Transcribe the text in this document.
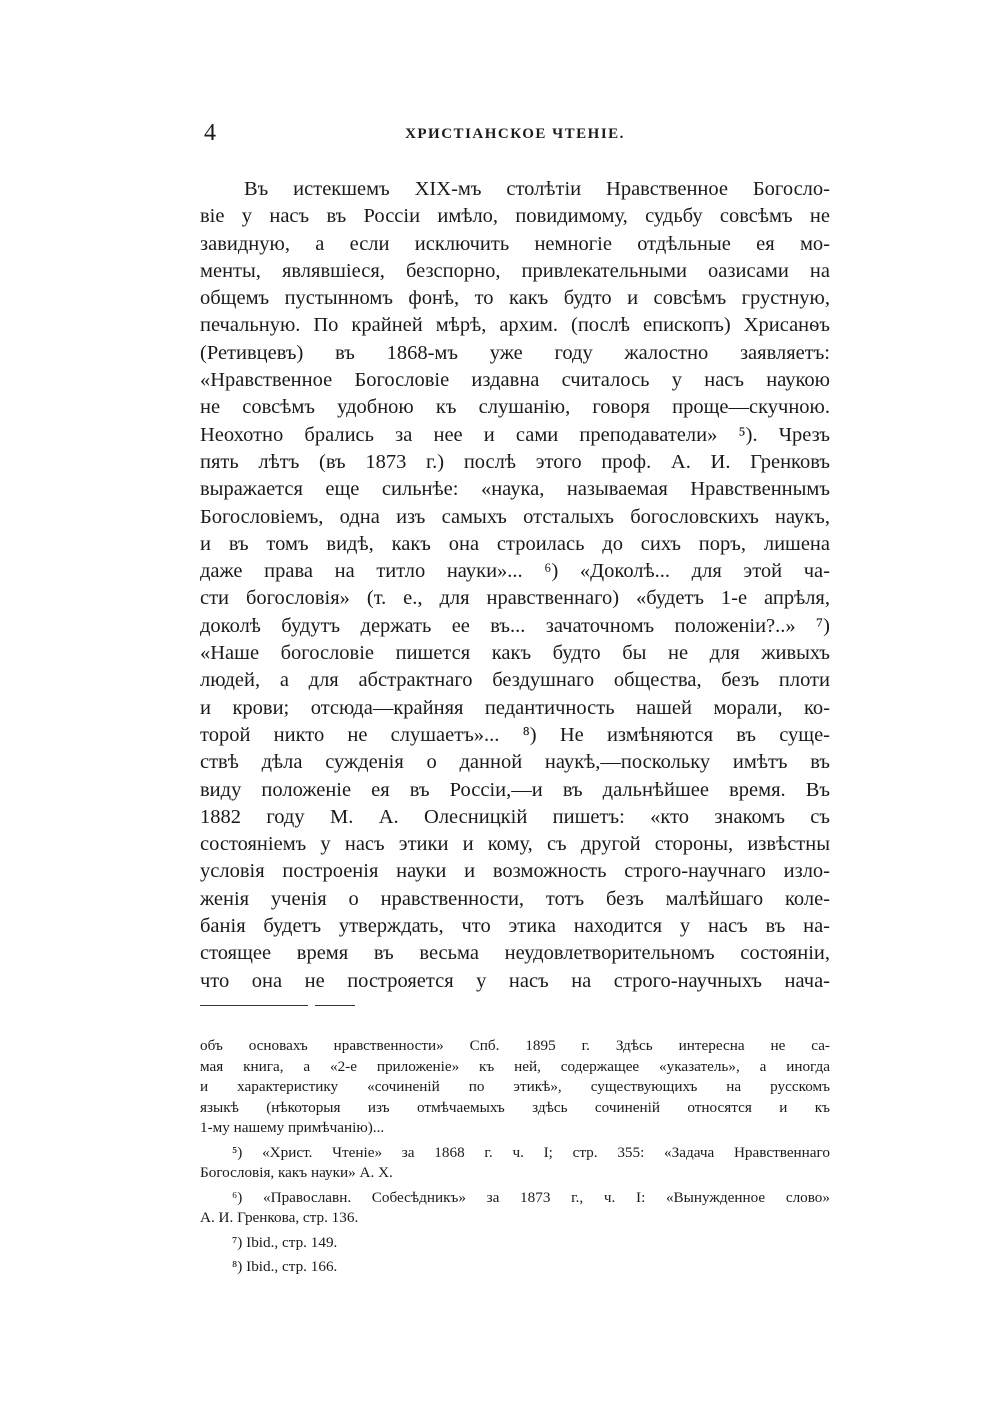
4	ХРИСТІАНСКОЕ ЧТЕНІЕ.
Въ истекшемъ XIX-мъ столѣтіи Нравственное Богосло-
віе у насъ въ Россіи имѣло, повидимому, судьбу совсѣмъ не
завидную, а если исключить немногіе отдѣльные ея мо-
менты, являвшіеся, безспорно, привлекательными оазисами на
общемъ пустынномъ фонѣ, то какъ будто и совсѣмъ грустную,
печальную. По крайней мѣрѣ, архим. (послѣ епископъ) Хрисанѳъ
(Ретивцевъ) въ 1868-мъ уже году жалостно заявляетъ:
«Нравственное Богословіе издавна считалось у насъ наукою
не совсѣмъ удобною къ слушанію, говоря проще—скучною.
Неохотно брались за нее и сами преподаватели» ⁵). Чрезъ
пять лѣтъ (въ 1873 г.) послѣ этого проф. А. И. Гренковъ
выражается еще сильнѣе: «наука, называемая Нравственнымъ
Богословіемъ, одна изъ самыхъ отсталыхъ богословскихъ наукъ,
и въ томъ видѣ, какъ она строилась до сихъ поръ, лишена
даже права на титло науки»... ⁶) «Доколѣ... для этой ча-
сти богословія» (т. е., для нравственнаго) «будетъ 1-е апрѣля,
доколѣ будутъ держать ее въ... зачаточномъ положеніи?..» ⁷)
«Наше богословіе пишется какъ будто бы не для живыхъ
людей, а для абстрактнаго бездушнаго общества, безъ плоти
и крови; отсюда—крайняя педантичность нашей морали, ко-
торой никто не слушаетъ»... ⁸) Не измѣняются въ суще-
ствѣ дѣла сужденія о данной наукѣ,—поскольку имѣтъ въ
виду положеніе ея въ Россіи,—и въ дальнѣйшее время. Въ
1882 году М. А. Олесницкій пишетъ: «кто знакомъ съ
состояніемъ у насъ этики и кому, съ другой стороны, извѣстны
условія построенія науки и возможность строго-научнаго изло-
женія ученія о нравственности, тотъ безъ малѣйшаго коле-
банія будетъ утверждать, что этика находится у насъ въ на-
стоящее время въ весьма неудовлетворительномъ состояніи,
что она не построяется у насъ на строго-научныхъ нача-
объ основахъ нравственности» Спб. 1895 г. Здѣсь интересна не са-
мая книга, а «2-е приложеніе» къ ней, содержащее «указатель», а иногда
и характеристику «сочиненій по этикѣ», существующихъ на русскомъ
языкѣ (нѣкоторыя изъ отмѣчаемыхъ здѣсь сочиненій относятся и къ
1-му нашему примѣчанію)...
⁵) «Христ. Чтеніе» за 1868 г. ч. I; стр. 355: «Задача Нравственнаго
Богословія, какъ науки» А. Х.
⁶) «Православн. Собесѣдникъ» за 1873 г., ч. I: «Вынужденное слово»
А. И. Гренкова, стр. 136.
⁷) Ibid., стр. 149.
⁸) Ibid., стр. 166.
